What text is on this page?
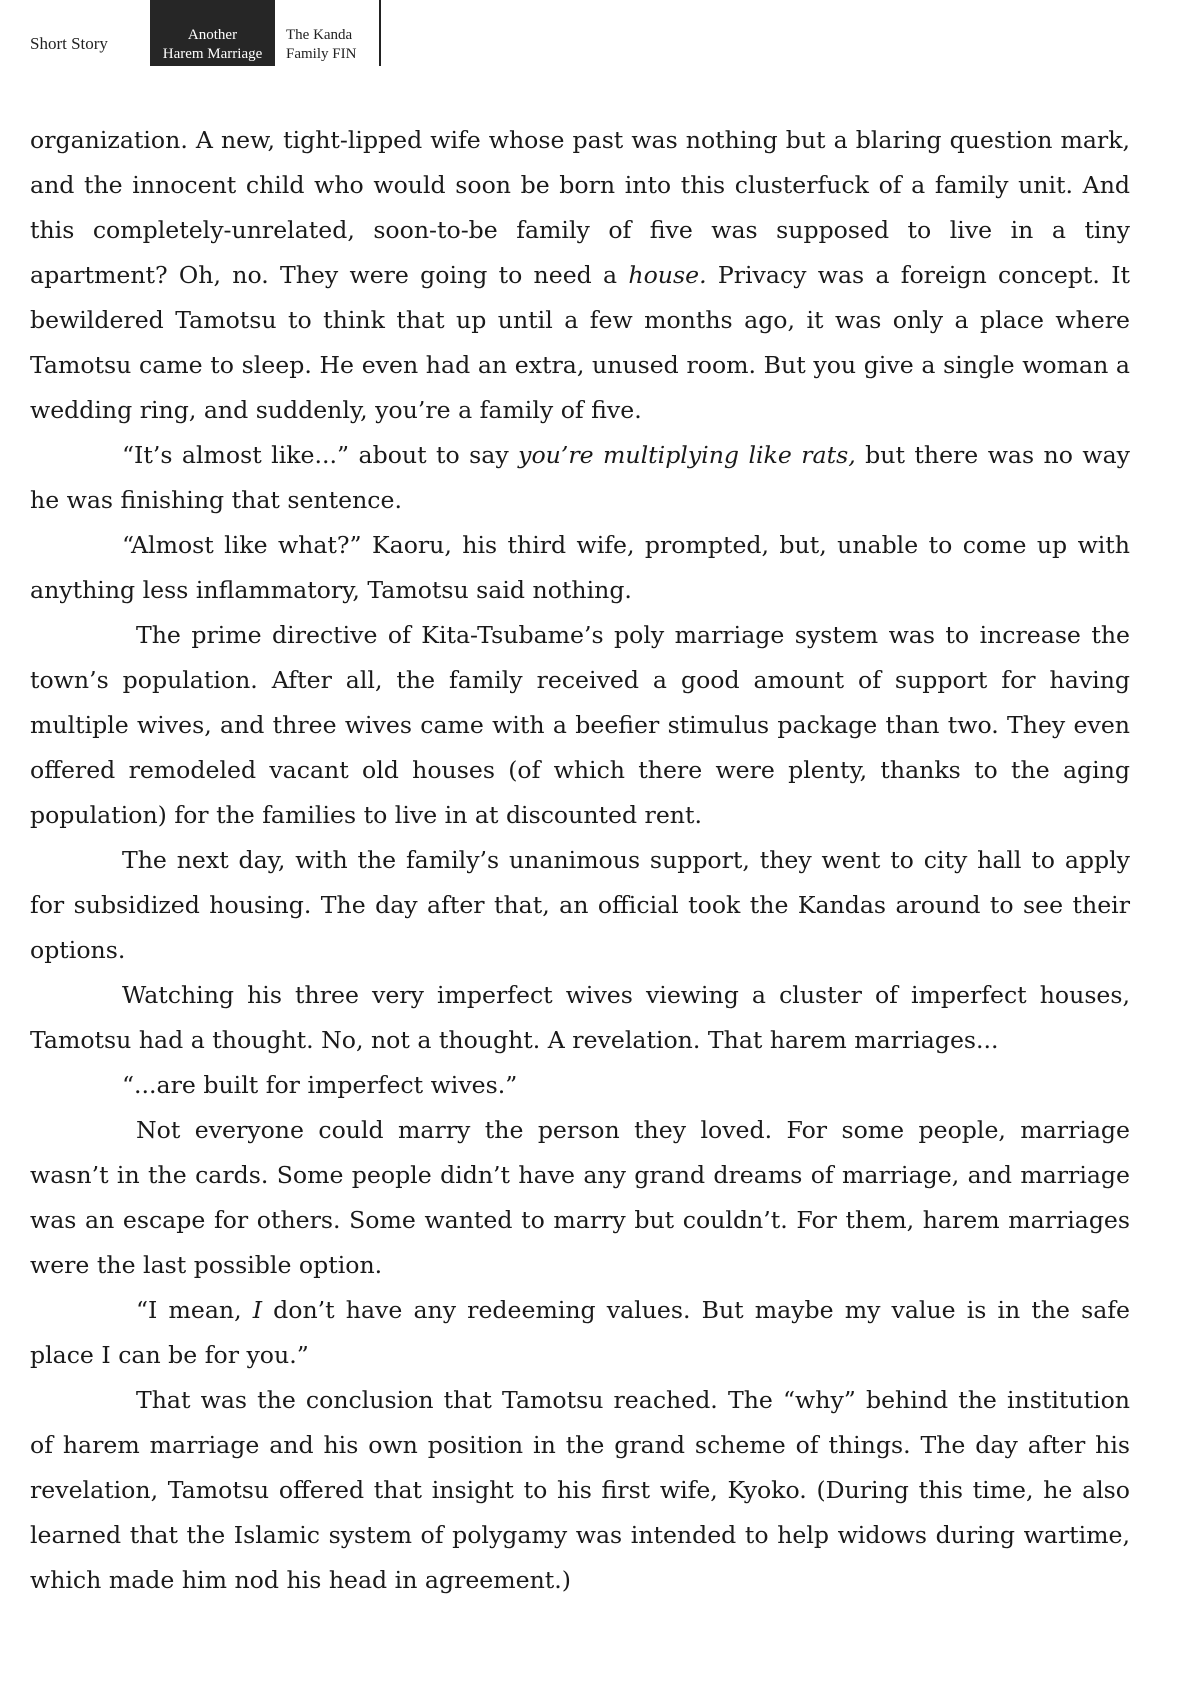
Short Story	Another
Harem Marriage
The Kanda
Family FIN

organization. A new, tight-lipped wife whose past was nothing but a blaring question mark, and the innocent child who would soon be born into this clusterfuck of a family unit. And this completely-unrelated, soon-to-be family of five was supposed to live in a tiny apartment? Oh, no. They were going to need a house. Privacy was a foreign concept. It bewildered Tamotsu to think that up until a few months ago, it was only a place where Tamotsu came to sleep. He even had an extra, unused room. But you give a single woman a wedding ring, and suddenly, you’re a family of five.

“It’s almost like...” about to say you’re multiplying like rats, but there was no way he was finishing that sentence.

“Almost like what?” Kaoru, his third wife, prompted, but, unable to come up with anything less inflammatory, Tamotsu said nothing.

The prime directive of Kita-Tsubame’s poly marriage system was to increase the town’s population. After all, the family received a good amount of support for having multiple wives, and three wives came with a beefier stimulus package than two. They even offered remodeled vacant old houses (of which there were plenty, thanks to the aging population) for the families to live in at discounted rent.

The next day, with the family’s unanimous support, they went to city hall to apply for subsidized housing. The day after that, an official took the Kandas around to see their options.

Watching his three very imperfect wives viewing a cluster of imperfect houses, Tamotsu had a thought. No, not a thought. A revelation. That harem marriages...

“...are built for imperfect wives.”

Not everyone could marry the person they loved. For some people, marriage wasn’t in the cards. Some people didn’t have any grand dreams of marriage, and marriage was an escape for others. Some wanted to marry but couldn’t. For them, harem marriages were the last possible option.

“I mean, I don’t have any redeeming values. But maybe my value is in the safe place I can be for you.”

That was the conclusion that Tamotsu reached. The “why” behind the institution of harem marriage and his own position in the grand scheme of things. The day after his revelation, Tamotsu offered that insight to his first wife, Kyoko. (During this time, he also learned that the Islamic system of polygamy was intended to help widows during wartime, which made him nod his head in agreement.)
